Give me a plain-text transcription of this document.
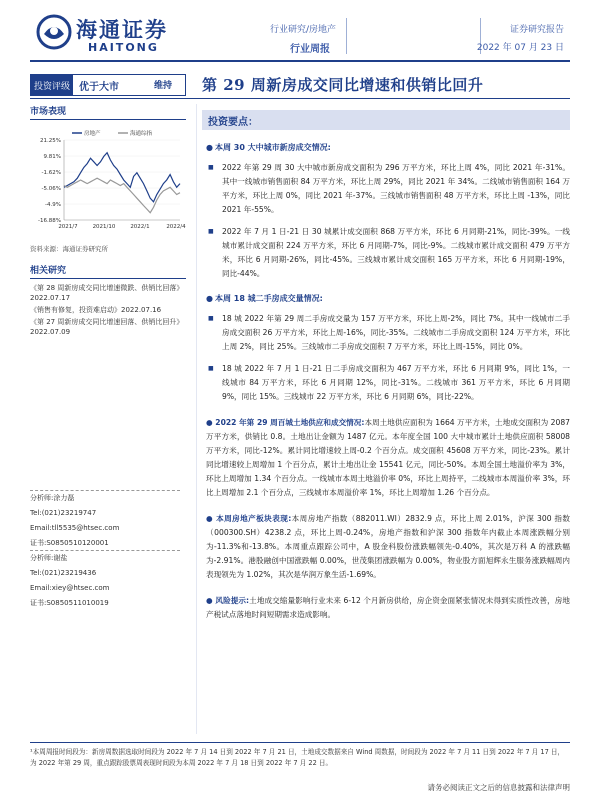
海通证券
HAITONG
行业研究/房地产
行业周报
证券研究报告
2022 年 07 月 23 日
投资评级 优于大市	维持	第 29 周新房成交同比增速和供销比回升
市场表现
房地产	海通综指
21.25%
9.81%
-1.62%
-5.06%
-4.9%
-16.88%
2021/7	2021/10	2022/1	2022/4
资料来源：海通证券研究所
相关研究
《第 28 周新房成交同比增速微跌、供销比回落》2022.07.17
《销售有修复，投资难启动》2022.07.16
《第 27 周新房成交同比增速回落、供销比回升》2022.07.09
分析师:涂力磊
Tel:(021)23219747
Email:tll5535@htsec.com
证书:S0850510120001
分析师:谢盐
Tel:(021)23219436
Email:xiey@htsec.com
证书:S0850511010019
投资要点：
● 本周 30 大中城市新房成交情况:
■ 2022 年第 29 周 30 大中城市新房成交面积为 296 万平方米，环比上周 4%，同比 2021 年-31%。其中一线城市销售面积 84 万平方米，环比上周 29%，同比 2021 年 34%。二线城市销售面积 164 万平方米，环比上周 0%，同比 2021 年-37%。三线城市销售面积 48 万平方米，环比上周 -13%，同比 2021 年-55%。
■ 2022 年 7 月 1 日-21 日 30 城累计成交面积 868 万平方米，环比 6 月同期-21%，同比-39%。一线城市累计成交面积 224 万平方米，环比 6 月同期-7%，同比-9%。二线城市累计成交面积 479 万平方米，环比 6 月同期-26%，同比-45%。三线城市累计成交面积 165 万平方米，环比 6 月同期-19%，同比-44%。
● 本周 18 城二手房成交量情况:
■ 18 城 2022 年第 29 周二手房成交量为 157 万平方米，环比上周-2%，同比 7%。其中一线城市二手房成交面积 26 万平方米，环比上周-16%，同比-35%。二线城市二手房成交面积 124 万平方米，环比上周 2%，同比 25%。三线城市二手房成交面积 7 万平方米，环比上周-15%，同比 0%。
■ 18 城 2022 年 7 月 1 日-21 日二手房成交面积为 467 万平方米，环比 6 月同期 9%，同比 1%，一线城市 84 万平方米，环比 6 月同期 12%，同比-31%。二线城市 361 万平方米，环比 6 月同期 9%，同比 15%。三线城市 22 万平方米，环比 6 月同期 6%，同比-22%。
● 2022 年第 29 周百城土地供应和成交情况:本周土地供应面积为 1664 万平方米，土地成交面积为 2087 万平方米，供销比 0.8。土地出让金额为 1487 亿元。本年度全国 100 大中城市累计土地供应面积 58008 万平方米，同比-12%。累计同比增速较上周-0.2 个百分点。成交面积 45608 万平方米，同比-23%。累计同比增速较上周增加 1 个百分点，累计土地出让金 15541 亿元，同比-50%。本周全国土地溢价率为 3%，环比上周增加 1.34 个百分点。一线城市本周土地溢价率 0%，环比上周持平，二线城市本周溢价率 3%，环比上周增加 2.1 个百分点，三线城市本周溢价率 1%，环比上周增加 1.26 个百分点。
● 本周房地产板块表现:本周房地产指数（882011.WI）2832.9 点，环比上周 2.01%，沪深 300 指数（000300.SH）4238.2 点，环比上周-0.24%，房地产指数和沪深 300 指数年内截止本周涨跌幅分别为-11.3%和-13.8%。本周重点跟踪公司中，A 股金科股份涨跌幅领先-0.40%，其次是万科 A 的涨跌幅为-2.91%。港股融创中国涨跌幅 0.00%，世茂集团涨跌幅为 0.00%，物业股方面旭辉永生服务涨跌幅周内表现领先为 1.02%，其次是华润万象生活-1.69%。
● 风险提示:土地成交缩量影响行业未来 6-12 个月新房供给，房企资金面紧张情况未得到实质性改善，房地产税试点落地时间短期需求造成影响。
¹本周周报时间段为：新房周数据选取时间段为 2022 年 7 月 14 日到 2022 年 7 月 21 日，土地成交数据来自 Wind 周数据，时间段为 2022 年 7 月 11 日到 2022 年 7 月 17 日，为 2022 年第 29 周，重点跟踪股票周表现时间段为本周 2022 年 7 月 18 日到 2022 年 7 月 22 日。
请务必阅读正文之后的信息披露和法律声明
